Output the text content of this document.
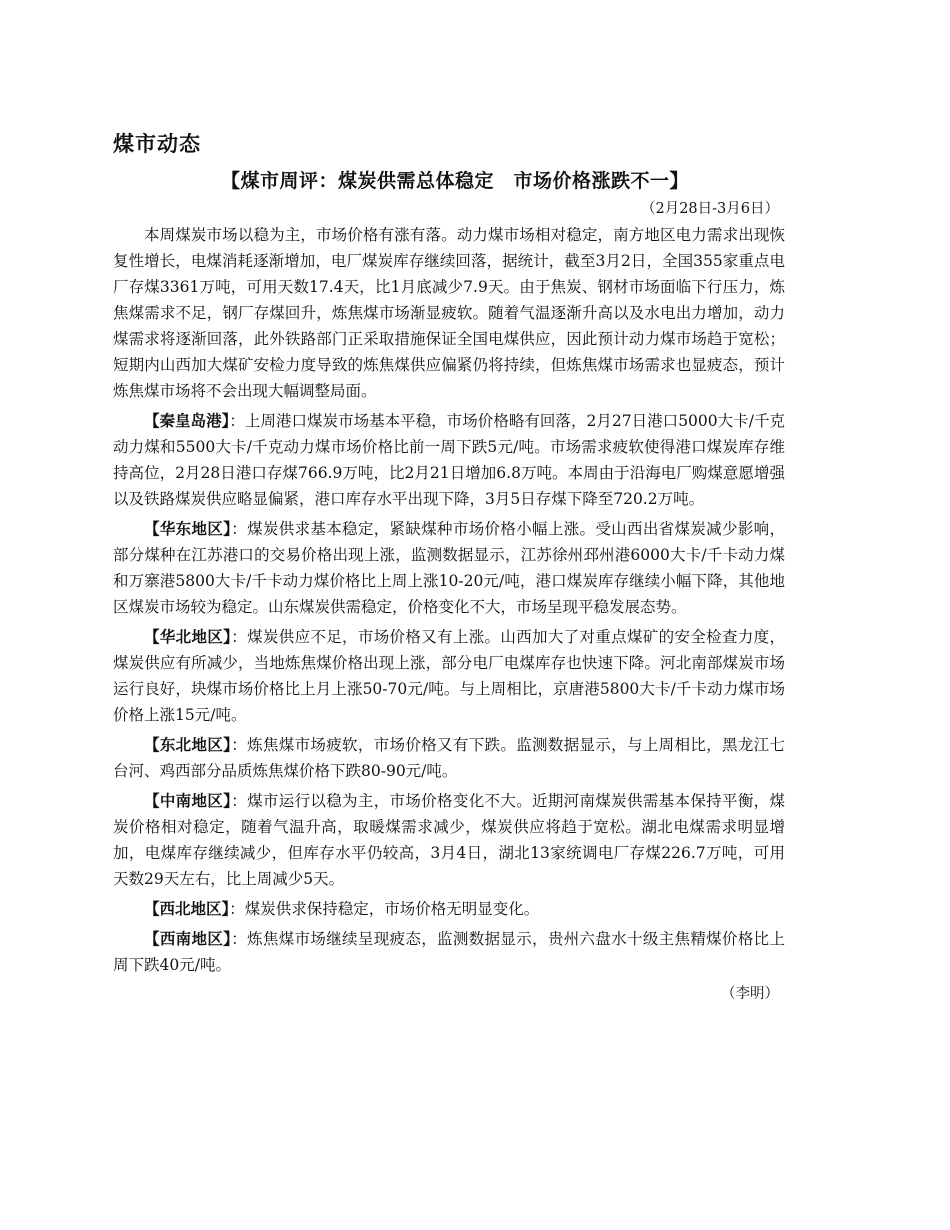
煤市动态
【煤市周评：煤炭供需总体稳定　市场价格涨跌不一】
（2月28日-3月6日）

本周煤炭市场以稳为主，市场价格有涨有落。动力煤市场相对稳定，南方地区电力需求出现恢复性增长，电煤消耗逐渐增加，电厂煤炭库存继续回落，据统计，截至3月2日，全国355家重点电厂存煤3361万吨，可用天数17.4天，比1月底减少7.9天。由于焦炭、钢材市场面临下行压力，炼焦煤需求不足，钢厂存煤回升，炼焦煤市场渐显疲软。随着气温逐渐升高以及水电出力增加，动力煤需求将逐渐回落，此外铁路部门正采取措施保证全国电煤供应，因此预计动力煤市场趋于宽松；短期内山西加大煤矿安检力度导致的炼焦煤供应偏紧仍将持续，但炼焦煤市场需求也显疲态，预计炼焦煤市场将不会出现大幅调整局面。

【秦皇岛港】：上周港口煤炭市场基本平稳，市场价格略有回落，2月27日港口5000大卡/千克动力煤和5500大卡/千克动力煤市场价格比前一周下跌5元/吨。市场需求疲软使得港口煤炭库存维持高位，2月28日港口存煤766.9万吨，比2月21日增加6.8万吨。本周由于沿海电厂购煤意愿增强以及铁路煤炭供应略显偏紧，港口库存水平出现下降，3月5日存煤下降至720.2万吨。

【华东地区】：煤炭供求基本稳定，紧缺煤种市场价格小幅上涨。受山西出省煤炭减少影响，部分煤种在江苏港口的交易价格出现上涨，监测数据显示，江苏徐州邳州港6000大卡/千卡动力煤和万寨港5800大卡/千卡动力煤价格比上周上涨10-20元/吨，港口煤炭库存继续小幅下降，其他地区煤炭市场较为稳定。山东煤炭供需稳定，价格变化不大，市场呈现平稳发展态势。

【华北地区】：煤炭供应不足，市场价格又有上涨。山西加大了对重点煤矿的安全检查力度，煤炭供应有所减少，当地炼焦煤价格出现上涨，部分电厂电煤库存也快速下降。河北南部煤炭市场运行良好，块煤市场价格比上月上涨50-70元/吨。与上周相比，京唐港5800大卡/千卡动力煤市场价格上涨15元/吨。

【东北地区】：炼焦煤市场疲软，市场价格又有下跌。监测数据显示，与上周相比，黑龙江七台河、鸡西部分品质炼焦煤价格下跌80-90元/吨。

【中南地区】：煤市运行以稳为主，市场价格变化不大。近期河南煤炭供需基本保持平衡，煤炭价格相对稳定，随着气温升高，取暖煤需求减少，煤炭供应将趋于宽松。湖北电煤需求明显增加，电煤库存继续减少，但库存水平仍较高，3月4日，湖北13家统调电厂存煤226.7万吨，可用天数29天左右，比上周减少5天。

【西北地区】：煤炭供求保持稳定，市场价格无明显变化。

【西南地区】：炼焦煤市场继续呈现疲态，监测数据显示，贵州六盘水十级主焦精煤价格比上周下跌40元/吨。

（李明）
